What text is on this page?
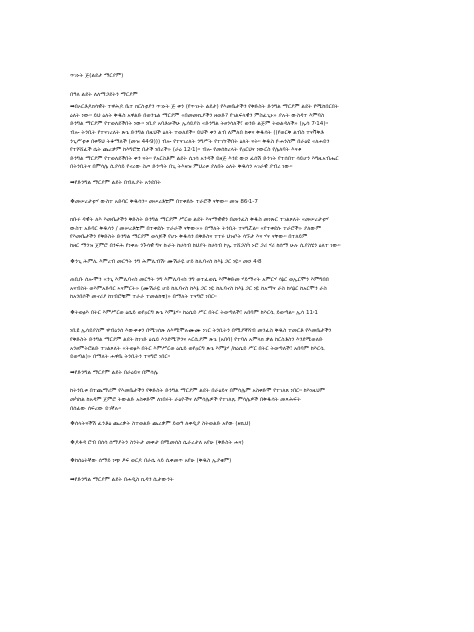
ጥገኑት ጅ(ልደታ ማርያም)
በዓለ ልደት ለለማጋደትን ማርያም
➡በኦርቶዶክሳዊት ተዋሕዶ ቤተ ክርስቲያን ጥገኑት ጅ ቀን (የጥገኑት ልደታ) የእመቤታችን የቅድስት ድንግል ማርያም ልደት የሚከበርበት
ዕለት ነው። ይህ ዕለት ቅዱስ አዋልድ በወንጌል ማርያም «በመመኪያችን ዘወድ? የገልፍላዊን ምስፈጊኑ» ያሉት ውስዳተ እምባስ
ድንግል ማርያም የተወለደችበት ነው። ነቢያ አባቶቻችሁ ኢሳይያስ «ድንግል ትፀንሳለች፣ ወንድ ልጅም ትወልዳለች» (ኢሳ 7፡14)።
ብሎ ትንቢት የተናገረለት ጽጌ ድንግል በዚህች ዕለት ተወለደች። ይህች ቀን ልብ ለምለበ ከቀና ቅዱሳት ((የወርቅ ልብስ ተናቫቅቶ
ንጊሥቲቱ በቀኝህ ትቆማለች (መዝ 44፡9))) ብሎ የተናገረለት ንግሥት የተገኘችበት ዕለት ናት። ቅዱስ ዮሐንስም በራዕዩ «ለሐይን
የተሾሸፈች ሴት ጨረቃም ከእግሮቿ በታች ነበረች» (ራዕ 12፡1)። ብሎ የመሰከረላት የዐርህና ነውርስ የሌለባት እናቱ
ድንግል ማርያም የተወለደችበት ቀን ናት። የአርስቶም ልደት ሲነሳ አንዳች ይዘጅ እንደ ውኃ ፈሰሽ ድንገት የተሰበተ ሳይሆን እግዚአብሔር
በትንቢትና በምሳሌ ሲያሳይ የኖረው ስጦ ድንጣት በጊ ትእዛዝ ምህረቱ ያለበት ዕለት ቅዱሳን ኣገራዊ ያብረ ነው።
➡የድንግል ማርያም ልደት በብሊያት አንደበት
❖መሠረታቲሃ ውስተ አድባር ቅዱሳን። መሠረቶቿም በተቀደሱ ተራሮች ናቸው። መዝ 86፡1-7
ክቡሩ ዳዊት ለእ እመቤታችን ቅድስት ድንግል ማርያም ሥርወ ልደት እናማዊዊን በመንፈስ ቅዱስ መነጽር ተገልጾለት «መሠረታቲሃ
ውስተ አድባር ቅዱሳን / መሠረቶቿም በተቀደሱ ተራራች ናቸው»» በማለት ትንቢት ተናግሯል። «የተቀደሱ ተራሮች» ያለውም
የእመቤታችን የቅድስት ድንግል ማርያም ወላጆች የሆኑ ቅዱሳን በቅድስና ተተሩ ህዝቦት ሳኙታ እና ሃና ናቸው። በተለይም
ከዘር ማንዝ ጀምሮ በንፍሕ የነቀሉ ንጉሳዊ ግና ኩራት ከሀሳብ ከህያት ከሀሳብ ኮኢ ተሸጋስካ ኑሮ ጋሪ ሃሪ ከሰማ ሁሉ ሲያስሄን ዕለተ ነው።
❖ንጊ ሕምሊ እምረብ መርዓት ንግ ሕምሊብሽ፡ ሙሽራዬ ሆይ ከሊባኖስ ከእኔ ጋር ነዬ። መኃ 4፡8
ጠቢቡ ሰሎሞን «ንጊ እምሊባኖስ መርዓት ንግ እምሊባኖስ ንግ ወተፈወሴ እምቅድመ ሃይማኖት አምርሃ ሳኔር ወኢርሞን እምግበበ
አናብስት ወእምአድባር ኣናምርት» (ሙሽራዬ ሆይ ከሊባኖስ ከእኔ ጋር ነዬ ከሊባኖስ ከእኔ ጋር ነዬ ከአማና ራስ ከሳኔር ከአርሞን ራስ
ከአንበሶች መኖሪያ ከነብሮቹም ተራራ ተመልከቺ)» በማለት ተናግሮ ነበር።
❖ትወፅእ በትር እምሥርወ ዕሴይ ወየዐርግ ጽጌ እምኔሃ። ከዕሴይ ሥር በትር ትወጣለች፣ አበባም ከእርሷ ይወጣል። ኢሳ 11፡1
ነቢዩ ኢሳይያስም ዋብዕንሰ እውቀቱን በሚገሰጽ ለእሚሞሉሙሙ ነገር ትንቢትን በሚያኛሻብ መንፈስ ቅዱስ ተመርቶ የእመቤታችን
የቅድስት ድንግል ማርያም ልደት ከነገድ ዕሴይ እንደሚኾንና ኣርሲያም ጽጌ (አበባ) የተባለ አምላክ ቃል ከርስቶስን እንደሚወለድ
አንፀምትሮልድ ተገልጾለት «ትወፅእ በትር እምሥርወ ዕሴይ ወየዐርግ ጽጌ እምኔሃ /ከዕሴይ ሥር በትር ትወጣለች፣ አበባም ከእርሷ
ይወጣል)» በማለት ሐዋቤ ትንቢትን ተናግሮ ነበር።
➡የድንግል ማርያም ልደት በራዕይና በምሳሌ
ከትንቢቱ በተጨማሪም የእመቤታችን የቅድስት ድንግል ማርያም ልደት በራዕይና በምሳሌም አስቀድሞ የተገለጸ ነበር። ከእነዚህም
መካከል ከአዳም ጀምሮ ትውልድ አስቀድሞ ለነበሩት ራዕዮችና ለምሳሌዎች የተገለጹ ምሳሌዎች በቅዱሳት መጻሕፍት
በሰፊው ሰፍረው ይገኛሉ።
❖ሰላትናችሽ ፈንቶዕ ጨረቃት ስተወልድ ጨረቃም ይወዓ ለቀዲያ ስትወልድ አየው (ዘኪህ)
❖ዶፋዳ ሮብ በሰሳ ሰማያትን ስንትታ መቀታ በሚመሰስ ሴራረታለ አየሁ (ቅድስት ሐና)
❖ከሰዕትኛው ሰማይ ነጭ ዖፍ ወርዶ በራሴ ላይ ሲቀመጥ አየሁ (ቅዱስ ኢያቄም)
➡የድንግል ማርያም ልደት በሐዲስ ኪዳን ሲታውንት
